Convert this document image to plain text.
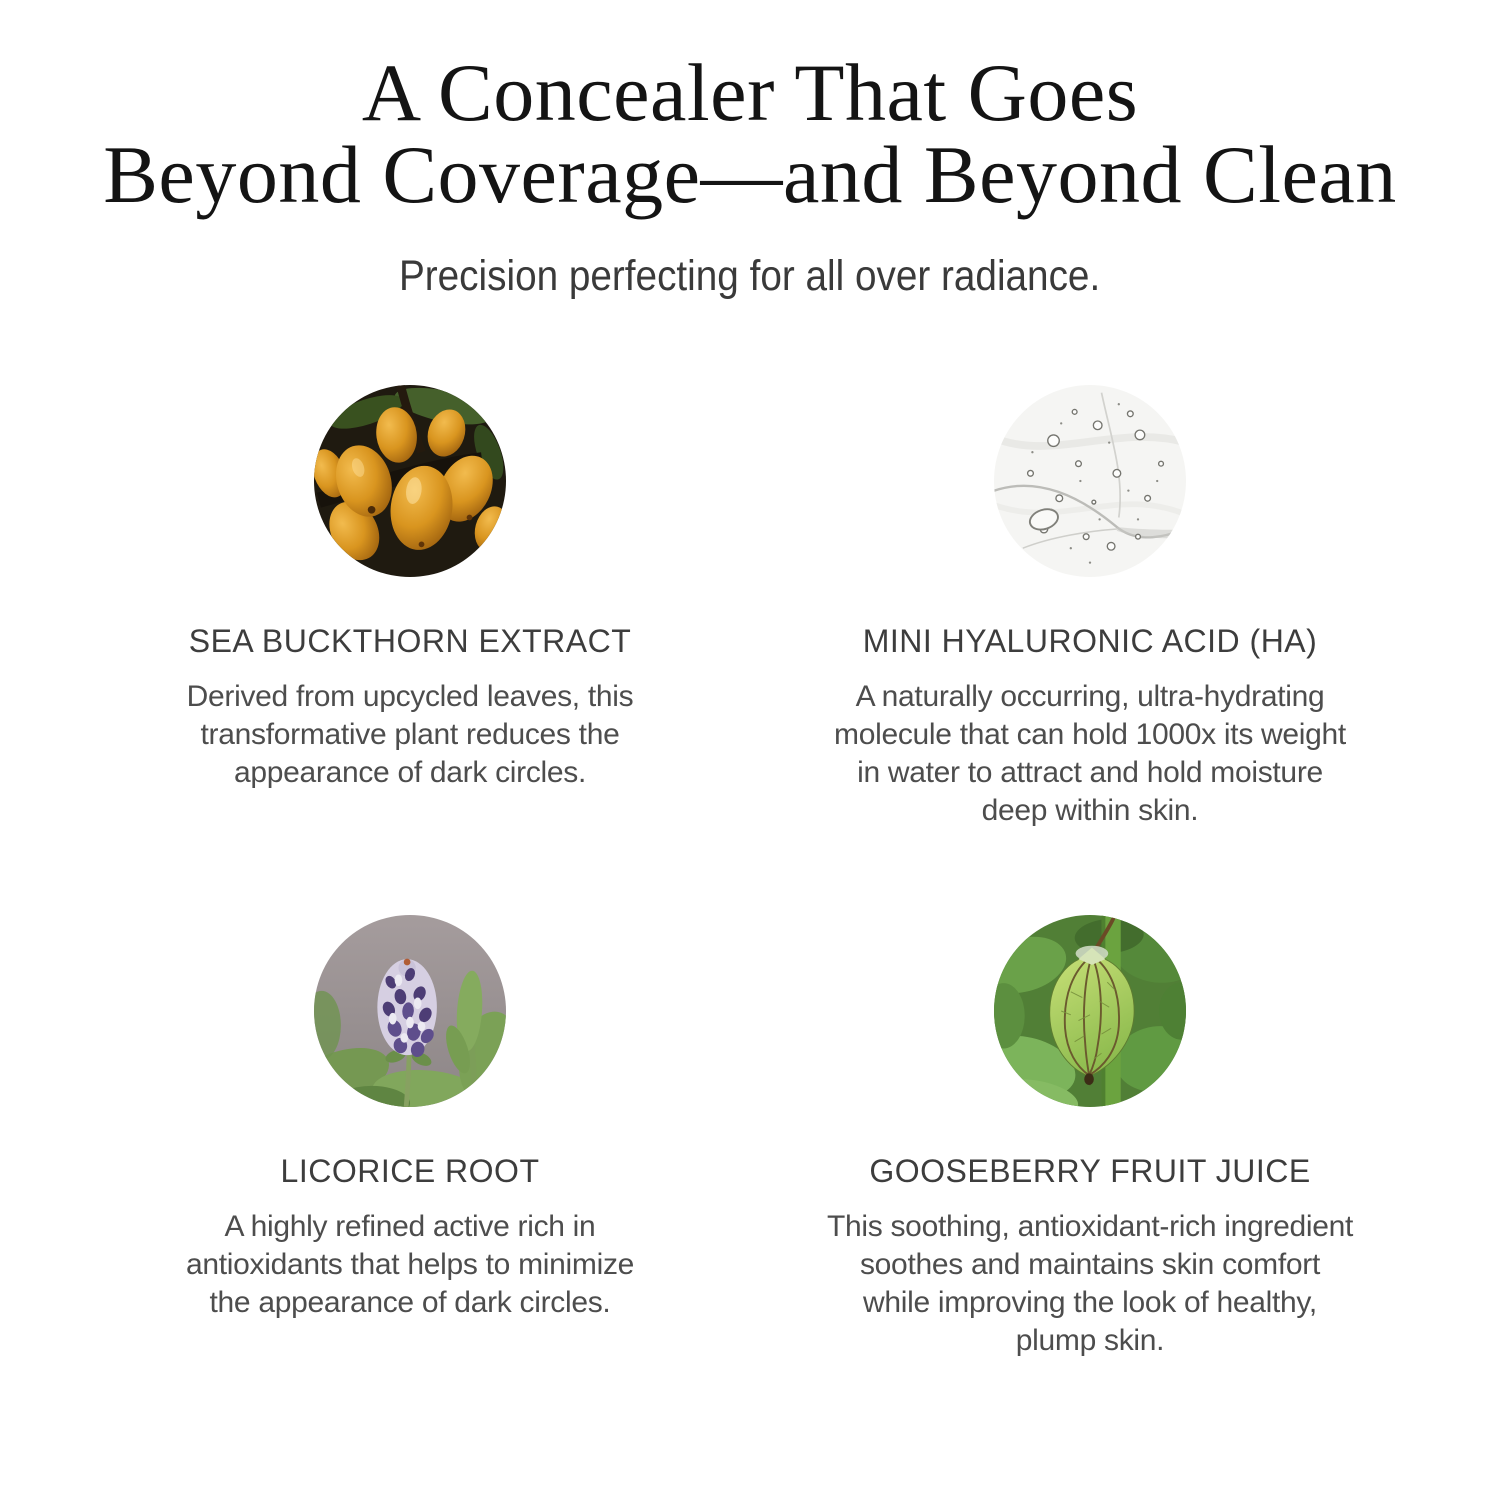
A Concealer That Goes
Beyond Coverage—and Beyond Clean

Precision perfecting for all over radiance.

SEA BUCKTHORN EXTRACT

Derived from upcycled leaves, this
transformative plant reduces the
appearance of dark circles.

MINI HYALURONIC ACID (HA)

A naturally occurring, ultra-hydrating
molecule that can hold 1000x its weight
in water to attract and hold moisture
deep within skin.

LICORICE ROOT

A highly refined active rich in
antioxidants that helps to minimize
the appearance of dark circles.

GOOSEBERRY FRUIT JUICE

This soothing, antioxidant-rich ingredient
soothes and maintains skin comfort
while improving the look of healthy,
plump skin.
